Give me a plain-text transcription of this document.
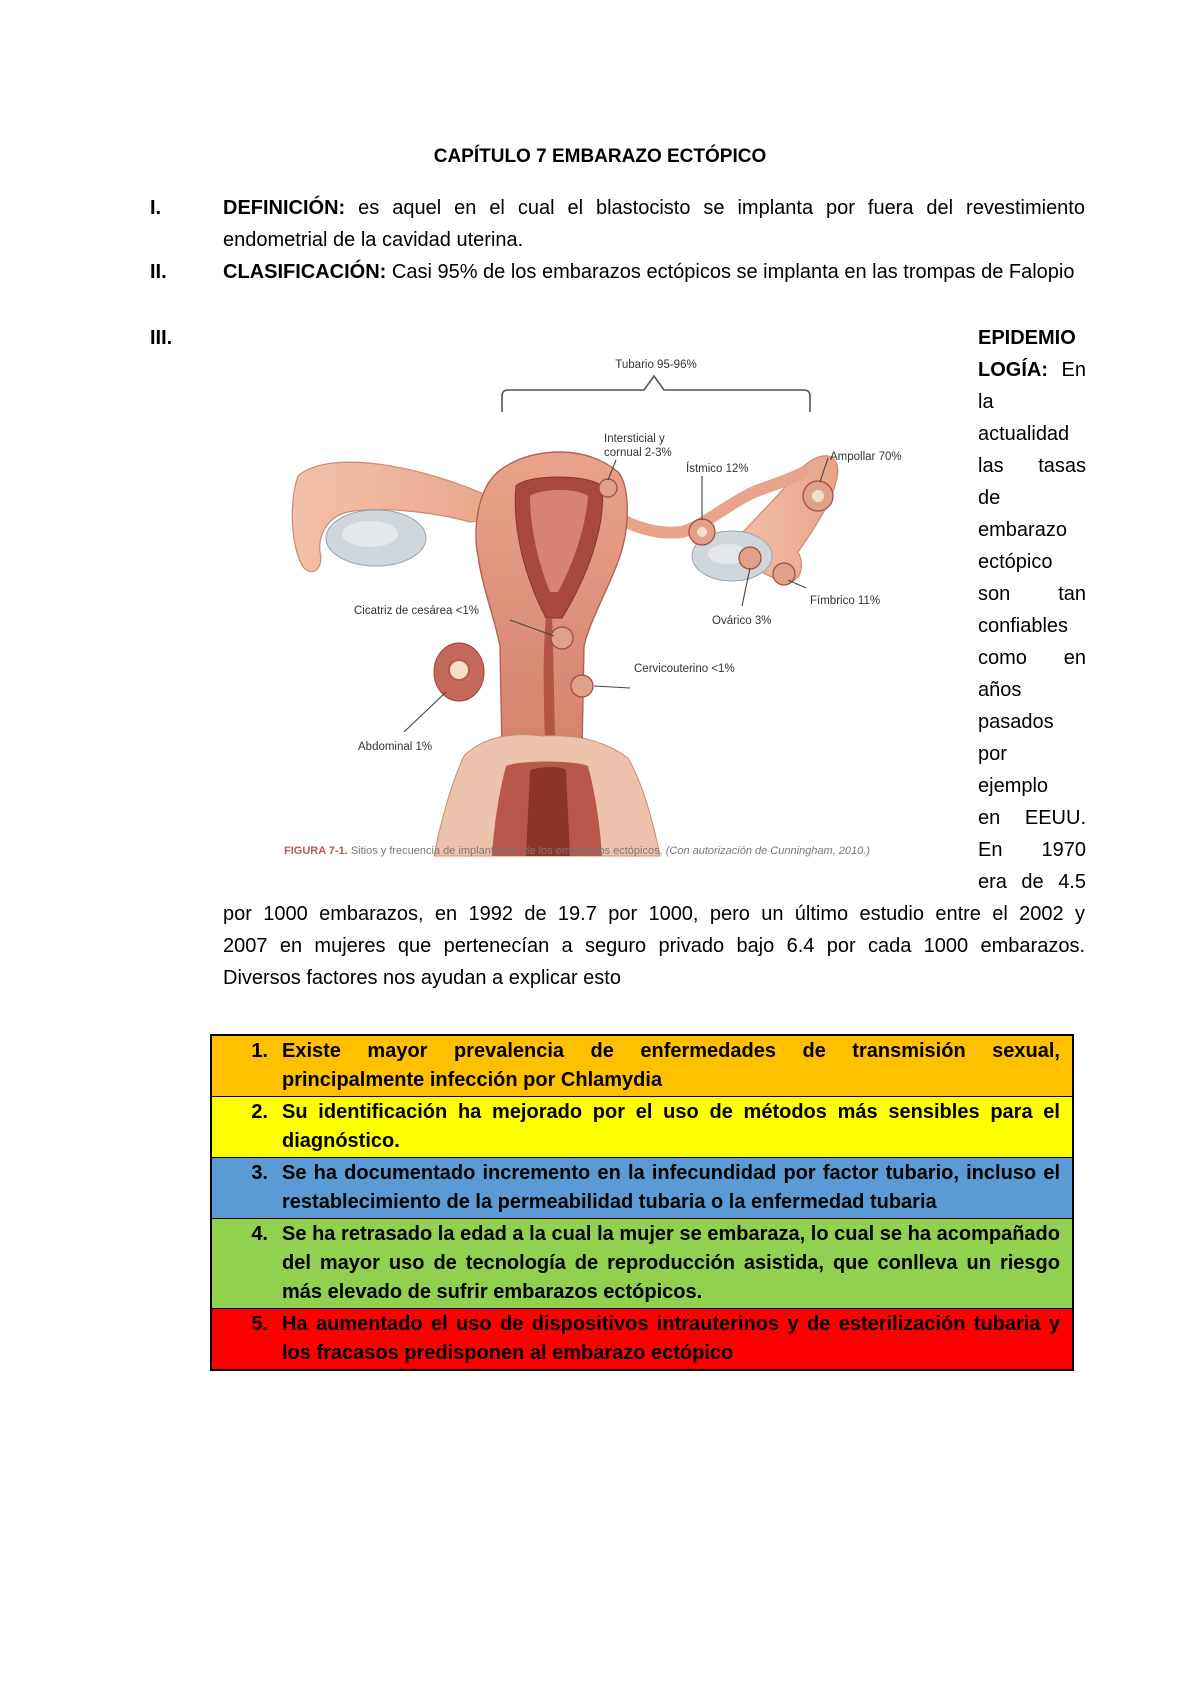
CAPÍTULO 7 EMBARAZO ECTÓPICO
I.	DEFINICIÓN: es aquel en el cual el blastocisto se implanta por fuera del revestimiento endometrial de la cavidad uterina.
II.	CLASIFICACIÓN: Casi 95% de los embarazos ectópicos se implanta en las trompas de Falopio
III.	EPIDEMIO
LOGÍA: En
la
actualidad
las tasas
de
embarazo
ectópico
son tan
confiables
como en
años
pasados
por
ejemplo
en EEUU.
En 1970
era de 4.5
Tubario 95-96%
Intersticial y
cornual 2-3%
Ístmico 12%
Ampollar 70%
Fímbrico 11%
Ovárico 3%
Cicatriz de cesárea <1%
Cervicouterino <1%
Abdominal 1%
FIGURA 7-1. Sitios y frecuencia de implantación de los embarazos ectópicos. (Con autorización de Cunningham, 2010.)
por 1000 embarazos, en 1992 de 19.7 por 1000, pero un último estudio entre el 2002 y
2007 en mujeres que pertenecían a seguro privado bajo 6.4 por cada 1000 embarazos.
Diversos factores nos ayudan a explicar esto
1. Existe mayor prevalencia de enfermedades de transmisión sexual, principalmente infección por Chlamydia
2. Su identificación ha mejorado por el uso de métodos más sensibles para el diagnóstico.
3. Se ha documentado incremento en la infecundidad por factor tubario, incluso el restablecimiento de la permeabilidad tubaria o la enfermedad tubaria
4. Se ha retrasado la edad a la cual la mujer se embaraza, lo cual se ha acompañado del mayor uso de tecnología de reproducción asistida, que conlleva un riesgo más elevado de sufrir embarazos ectópicos.
5. Ha aumentado el uso de dispositivos intrauterinos y de esterilización tubaria y los fracasos predisponen al embarazo ectópico
